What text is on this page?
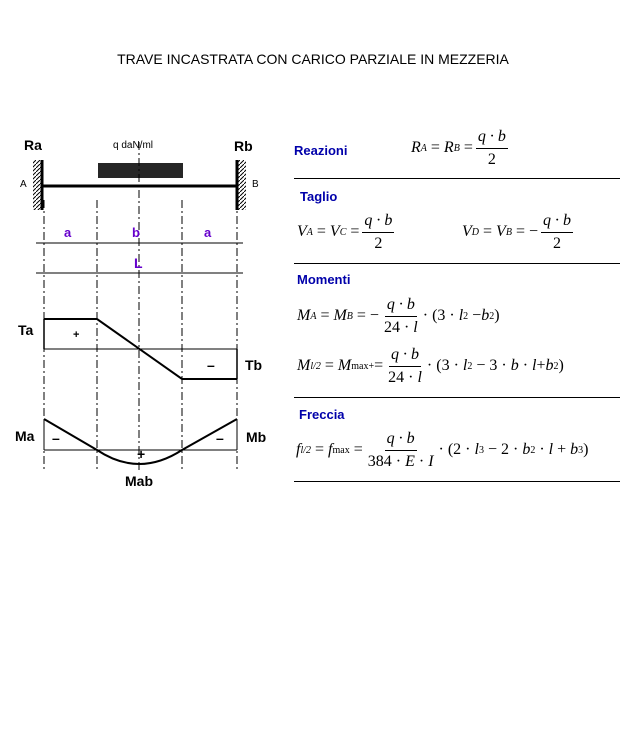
TRAVE INCASTRATA CON CARICO PARZIALE IN MEZZERIA
Ra	Rb
q daN/ml
A	B
a	b	a
L
Ta	+
– Tb
Ma –
+
– Mb
Mab
Reazioni	R A
= R B
= $\frac{q \cdot b}{2}$
Taglio
V A
= V C
= $\frac{q \cdot b}{2}$	V D
= V B
= − $\frac{q \cdot b}{2}$
Momenti
M A
= M B
= − $\frac{q \cdot b}{24 \cdot l} \cdot (3 \cdot l$ 2 − b 2 )
M l/2
= M max + = $\frac{q \cdot b}{24 \cdot l} \cdot (3 \cdot l$ 2 − 3 · b · l + b 2 )
Freccia
f l/2
= f max
= $\frac{q \cdot b}{384 \cdot E \cdot I} \cdot (2 \cdot l$ 3 − 2 · b 2 · l + b 3 )
